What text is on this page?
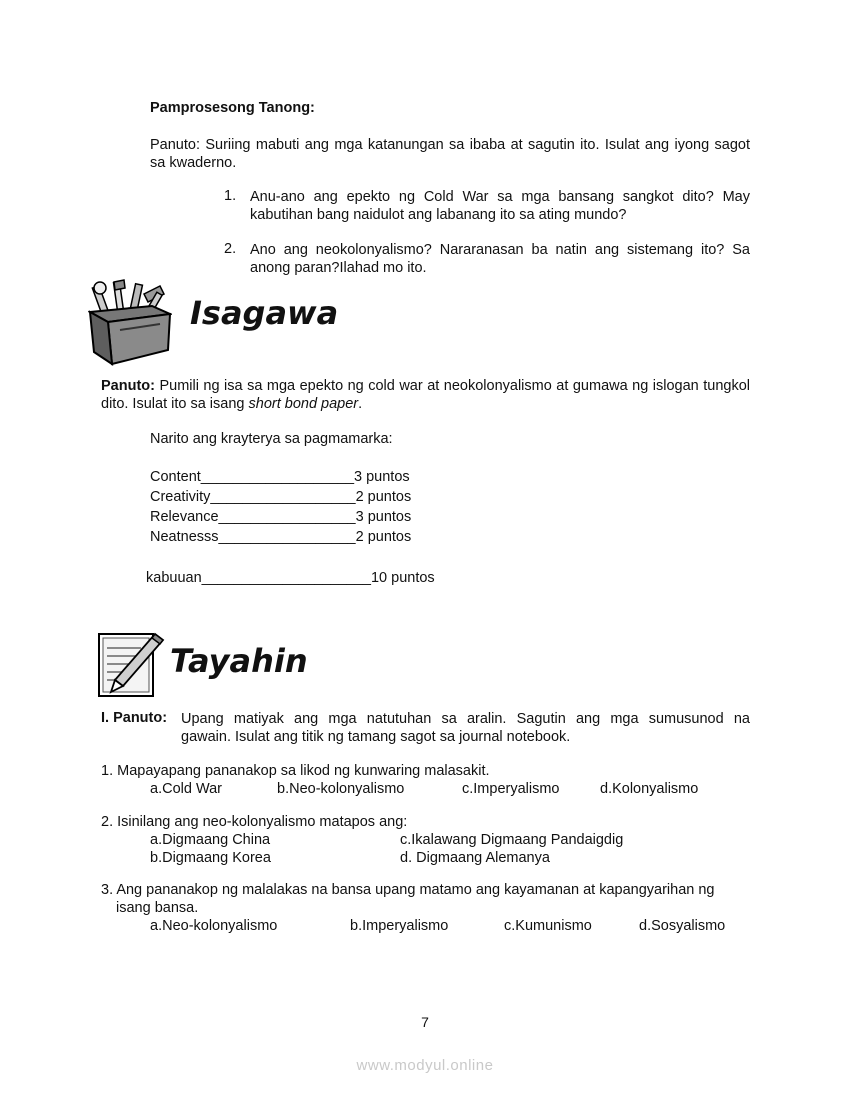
Pamprosesong Tanong:
Panuto: Suriing mabuti ang mga katanungan sa ibaba at sagutin ito. Isulat ang iyong sagot sa kwaderno.
1. Anu-ano ang epekto ng Cold War sa mga bansang sangkot dito? May kabutihan bang naidulot ang labanang ito sa ating mundo?
2. Ano ang neokolonyalismo? Nararanasan ba natin ang sistemang ito? Sa anong paran?Ilahad mo ito.
Isagawa
Panuto: Pumili ng isa sa mga epekto ng cold war at neokolonyalismo at gumawa ng islogan tungkol dito. Isulat ito sa isang short bond paper.
Narito ang krayterya sa pagmamarka:
Content___________________3 puntos
Creativity__________________2 puntos
Relevance_________________3 puntos
Neatnesss_________________2 puntos
kabuuan_____________________10 puntos
Tayahin
I. Panuto: Upang matiyak ang mga natutuhan sa aralin. Sagutin ang mga sumusunod na
gawain. Isulat ang titik ng tamang sagot sa journal notebook.
1. Mapayapang pananakop sa likod ng kunwaring malasakit.
a.Cold War	b.Neo-kolonyalismo	c.Imperyalismo	d.Kolonyalismo
2. Isinilang ang neo-kolonyalismo matapos ang:
a.Digmaang China	c.Ikalawang Digmaang Pandaigdig
b.Digmaang Korea	d. Digmaang Alemanya
3. Ang pananakop ng malalakas na bansa upang matamo ang kayamanan at kapangyarihan ng
isang bansa.
a.Neo-kolonyalismo	b.Imperyalismo	c.Kumunismo	d.Sosyalismo
7
www.modyul.online
